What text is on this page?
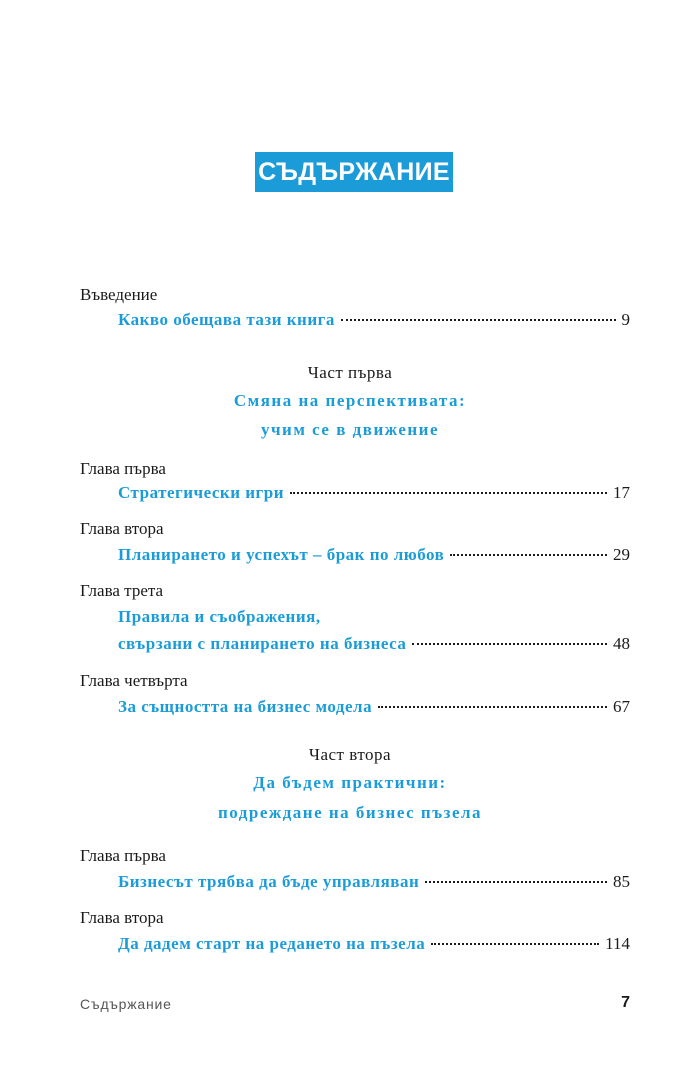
СЪДЪРЖАНИЕ
Въведение
Какво обещава тази книга	9
Част първа
Смяна на перспективата:
учим се в движение
Глава първа
Стратегически игри	17
Глава втора
Планирането и успехът – брак по любов	29
Глава трета
Правила и съображения,
свързани с планирането на бизнеса	48
Глава четвърта
За същността на бизнес модела	67
Част втора
Да бъдем практични:
подреждане на бизнес пъзела
Глава първа
Бизнесът трябва да бъде управляван	85
Глава втора
Да дадем старт на редането на пъзела	114
Съдържание	7
